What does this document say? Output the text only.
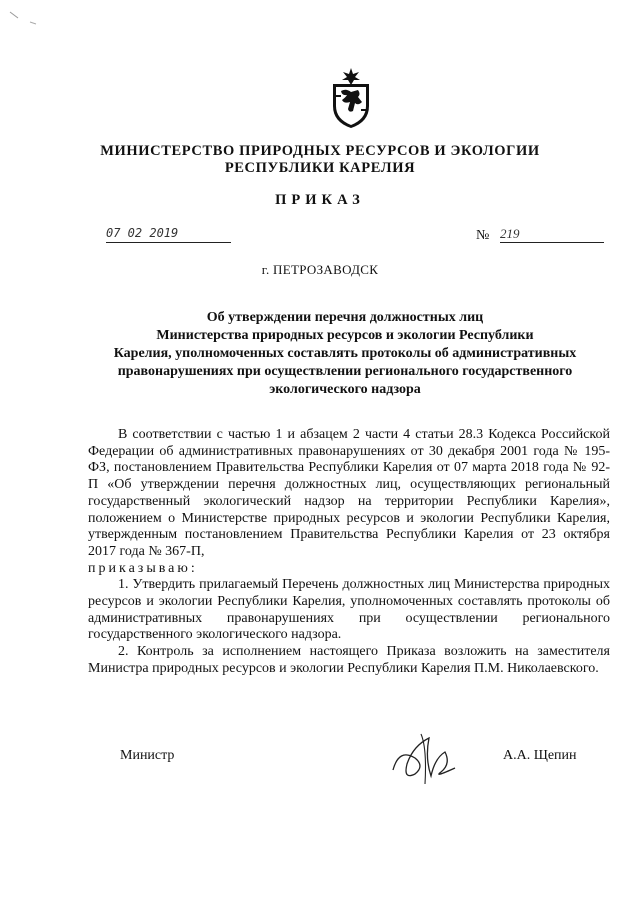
МИНИСТЕРСТВО ПРИРОДНЫХ РЕСУРСОВ И ЭКОЛОГИИ
РЕСПУБЛИКИ КАРЕЛИЯ
ПРИКАЗ
07 02 2019	№ 219
г. ПЕТРОЗАВОДСК
Об утверждении перечня должностных лиц
Министерства природных ресурсов и экологии Республики
Карелия, уполномоченных составлять протоколы об административных
правонарушениях при осуществлении регионального государственного
экологического надзора

В соответствии с частью 1 и абзацем 2 части 4 статьи 28.3 Кодекса Российской Федерации об административных правонарушениях от 30 декабря 2001 года № 195-ФЗ, постановлением Правительства Республики Карелия от 07 марта 2018 года № 92-П «Об утверждении перечня должностных лиц, осуществляющих региональный государственный экологический надзор на территории Республики Карелия», положением о Министерстве природных ресурсов и экологии Республики Карелия, утвержденным постановлением Правительства Республики Карелия от 23 октября 2017 года № 367-П,

приказываю:

1. Утвердить прилагаемый Перечень должностных лиц Министерства природных ресурсов и экологии Республики Карелия, уполномоченных составлять протоколы об административных правонарушениях при осуществлении регионального государственного экологического надзора.

2. Контроль за исполнением настоящего Приказа возложить на заместителя Министра природных ресурсов и экологии Республики Карелия П.М. Николаевского.

Министр	А.А. Щепин
